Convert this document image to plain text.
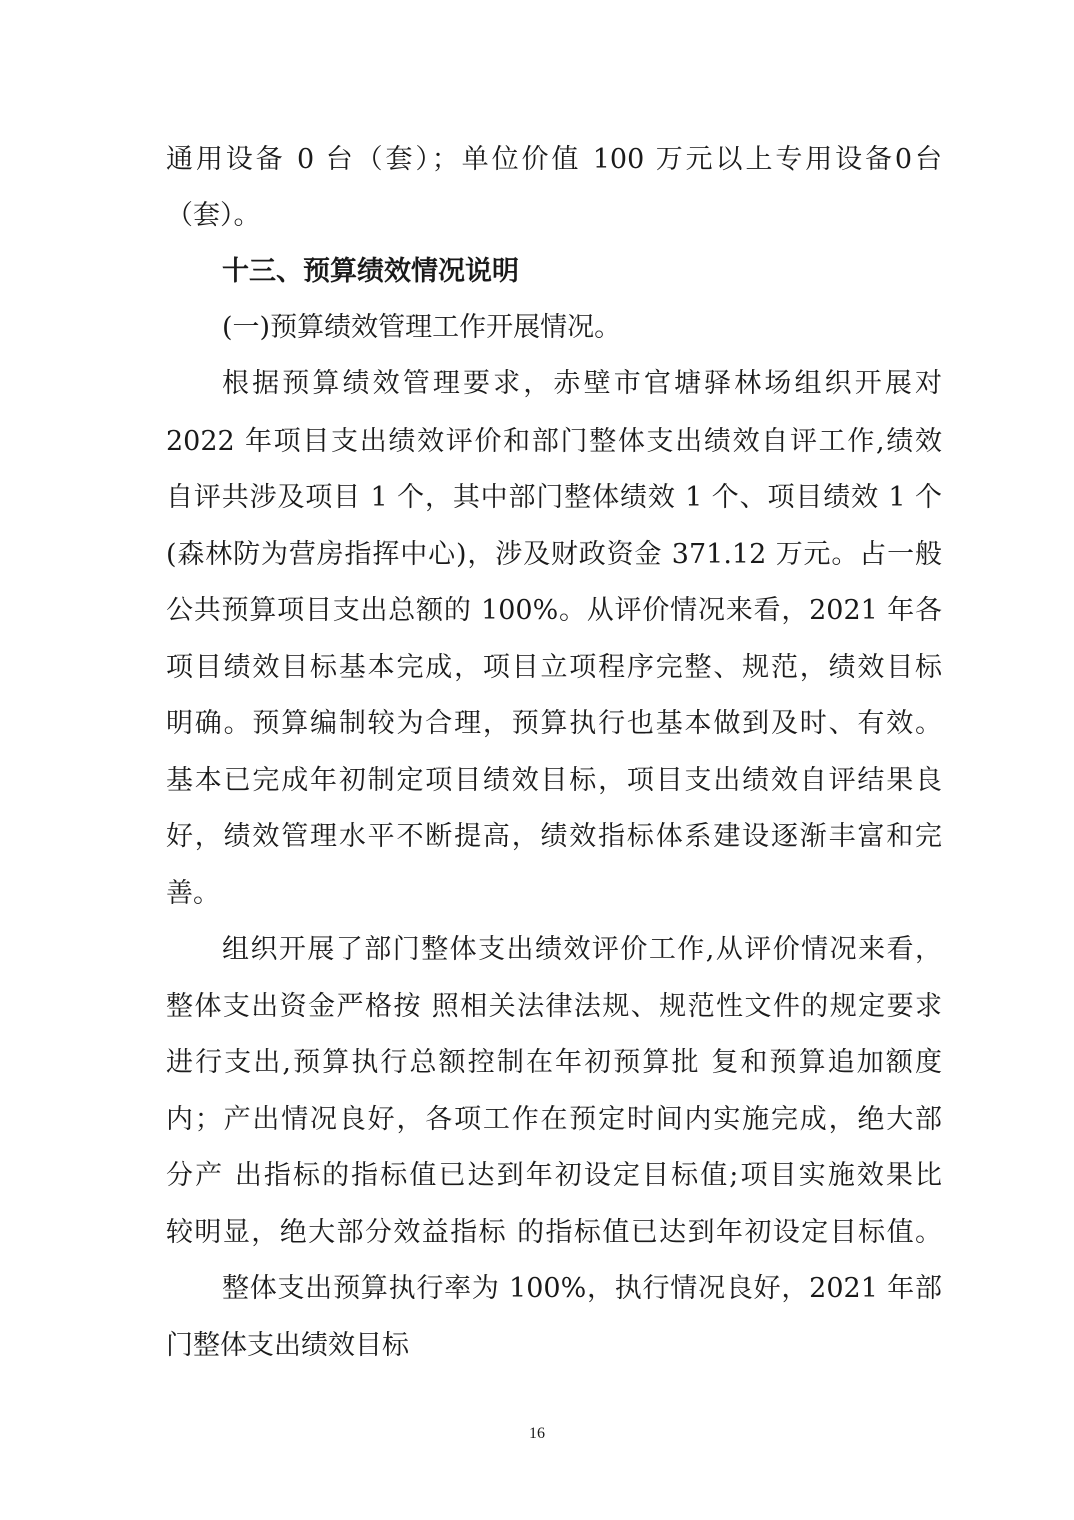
通用设备 0 台（套）；单位价值 100 万元以上专用设备0台
（套）。
十三、预算绩效情况说明
(一)预算绩效管理工作开展情况。
根据预算绩效管理要求，赤壁市官塘驿林场组织开展对
2022 年项目支出绩效评价和部门整体支出绩效自评工作,绩效
自评共涉及项目 1 个，其中部门整体绩效 1 个、项目绩效 1 个
(森林防为营房指挥中心)，涉及财政资金 371.12 万元。占一般
公共预算项目支出总额的 100%。从评价情况来看，2021 年各
项目绩效目标基本完成，项目立项程序完整、规范，绩效目标
明确。预算编制较为合理，预算执行也基本做到及时、有效。
基本已完成年初制定项目绩效目标，项目支出绩效自评结果良
好，绩效管理水平不断提高，绩效指标体系建设逐渐丰富和完
善。
组织开展了部门整体支出绩效评价工作,从评价情况来看，
整体支出资金严格按 照相关法律法规、规范性文件的规定要求
进行支出,预算执行总额控制在年初预算批 复和预算追加额度
内；产出情况良好，各项工作在预定时间内实施完成，绝大部
分产 出指标的指标值已达到年初设定目标值;项目实施效果比
较明显，绝大部分效益指标 的指标值已达到年初设定目标值。
整体支出预算执行率为 100%，执行情况良好，2021 年部
门整体支出绩效目标
16
